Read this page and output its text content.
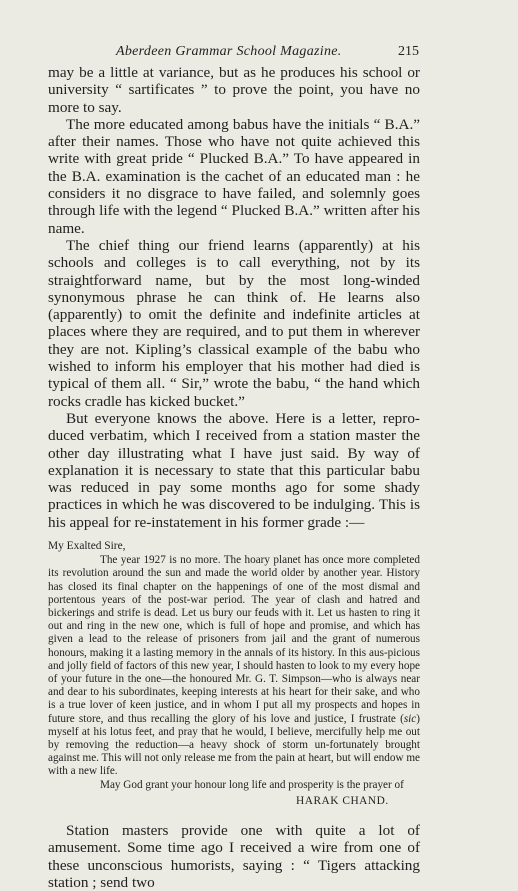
Aberdeen Grammar School Magazine.	215

may be a little at variance, but as he produces his school or university “ sartificates ” to prove the point, you have no more to say.

The more educated among babus have the initials “ B.A.” after their names. Those who have not quite achieved this write with great pride “ Plucked B.A.” To have appeared in the B.A. examination is the cachet of an educated man : he considers it no disgrace to have failed, and solemnly goes through life with the legend “ Plucked B.A.” written after his name.

The chief thing our friend learns (apparently) at his schools and colleges is to call everything, not by its straightforward name, but by the most long-winded synonymous phrase he can think of. He learns also (apparently) to omit the definite and indefinite articles at places where they are required, and to put them in wherever they are not. Kipling’s classical example of the babu who wished to inform his employer that his mother had died is typical of them all. “ Sir,” wrote the babu, “ the hand which rocks cradle has kicked bucket.”

But everyone knows the above. Here is a letter, repro-duced verbatim, which I received from a station master the other day illustrating what I have just said. By way of explanation it is necessary to state that this particular babu was reduced in pay some months ago for some shady practices in which he was discovered to be indulging. This is his appeal for re-instatement in his former grade :—

My Exalted Sire,

The year 1927 is no more. The hoary planet has once more completed its revolution around the sun and made the world older by another year. History has closed its final chapter on the happenings of one of the most dismal and portentous years of the post-war period. The year of clash and hatred and bickerings and strife is dead. Let us bury our feuds with it. Let us hasten to ring it out and ring in the new one, which is full of hope and promise, and which has given a lead to the release of prisoners from jail and the grant of numerous honours, making it a lasting memory in the annals of its history. In this aus-picious and jolly field of factors of this new year, I should hasten to look to my every hope of your future in the one—the honoured Mr. G. T. Simpson—who is always near and dear to his subordinates, keeping interests at his heart for their sake, and who is a true lover of keen justice, and in whom I put all my prospects and hopes in future store, and thus recalling the glory of his love and justice, I frustrate (sic) myself at his lotus feet, and pray that he would, I believe, mercifully help me out by removing the reduction—a heavy shock of storm un-fortunately brought against me. This will not only release me from the pain at heart, but will endow me with a new life.

May God grant your honour long life and prosperity is the prayer of

HARAK CHAND.

Station masters provide one with quite a lot of amusement. Some time ago I received a wire from one of these unconscious humorists, saying : “ Tigers attacking station ; send two
